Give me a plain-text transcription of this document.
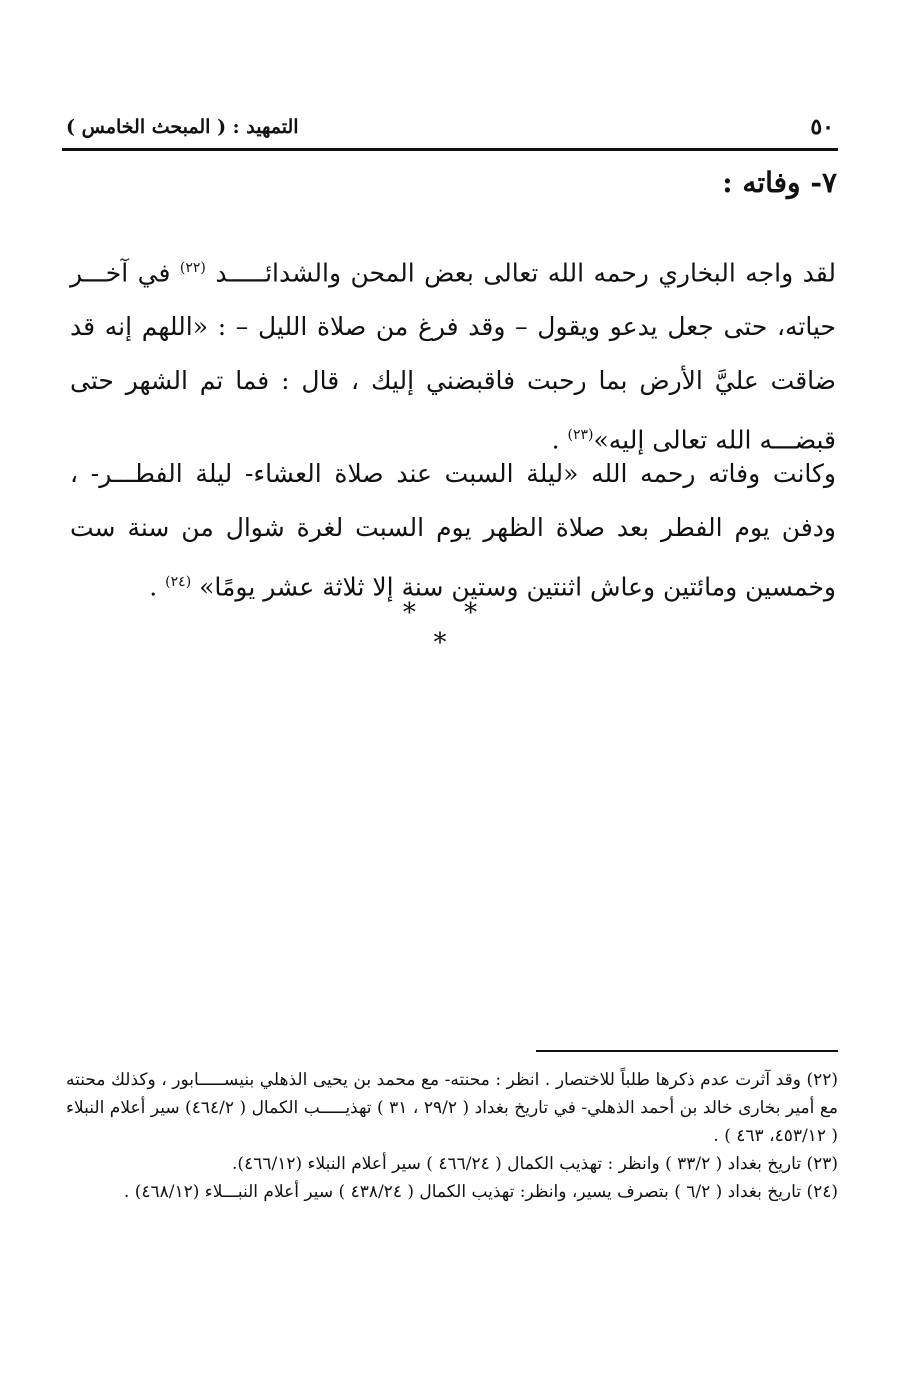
٥٠
التمهيد : ( المبحث الخامس )
٧- وفاته :

لقد واجه البخاري رحمه الله تعالى بعض المحن والشدائـــــد $^{(٢٢)}$ في آخـــر حياته، حتى جعل يدعو ويقول – وقد فرغ من صلاة الليل – : «اللهم إنه قد ضاقت عليَّ الأرض بما رحبت فاقبضني إليك ، قال : فما تم الشهر حتى قبضـــه الله تعالى إليه»$^{(٢٣)}$ .

وكانت وفاته رحمه الله «ليلة السبت عند صلاة العشاء- ليلة الفطـــر- ، ودفن يوم الفطر بعد صلاة الظهر يوم السبت لغرة شوال من سنة ست وخمسين ومائتين وعاش اثنتين وستين سنة إلا ثلاثة عشر يومًا» $^{(٢٤)}$ .

* * *

(٢٢) وقد آثرت عدم ذكرها طلباً للاختصار . انظر : محنته- مع محمد بن يحيى الذهلي بنيســـــابور ، وكذلك محنته مع أمير بخارى خالد بن أحمد الذهلي- في تاريخ بغداد ( ٢٩/٢ ، ٣١ ) تهذيـــــب الكمال ( ٤٦٤/٢) سير أعلام النبلاء ( ٤٥٣/١٢، ٤٦٣ ) .

(٢٣) تاريخ بغداد ( ٣٣/٢ ) وانظر : تهذيب الكمال ( ٤٦٦/٢٤ ) سير أعلام النبلاء (٤٦٦/١٢).

(٢٤) تاريخ بغداد ( ٦/٢ ) بتصرف يسير، وانظر: تهذيب الكمال ( ٤٣٨/٢٤ ) سير أعلام النبـــلاء (٤٦٨/١٢) .
